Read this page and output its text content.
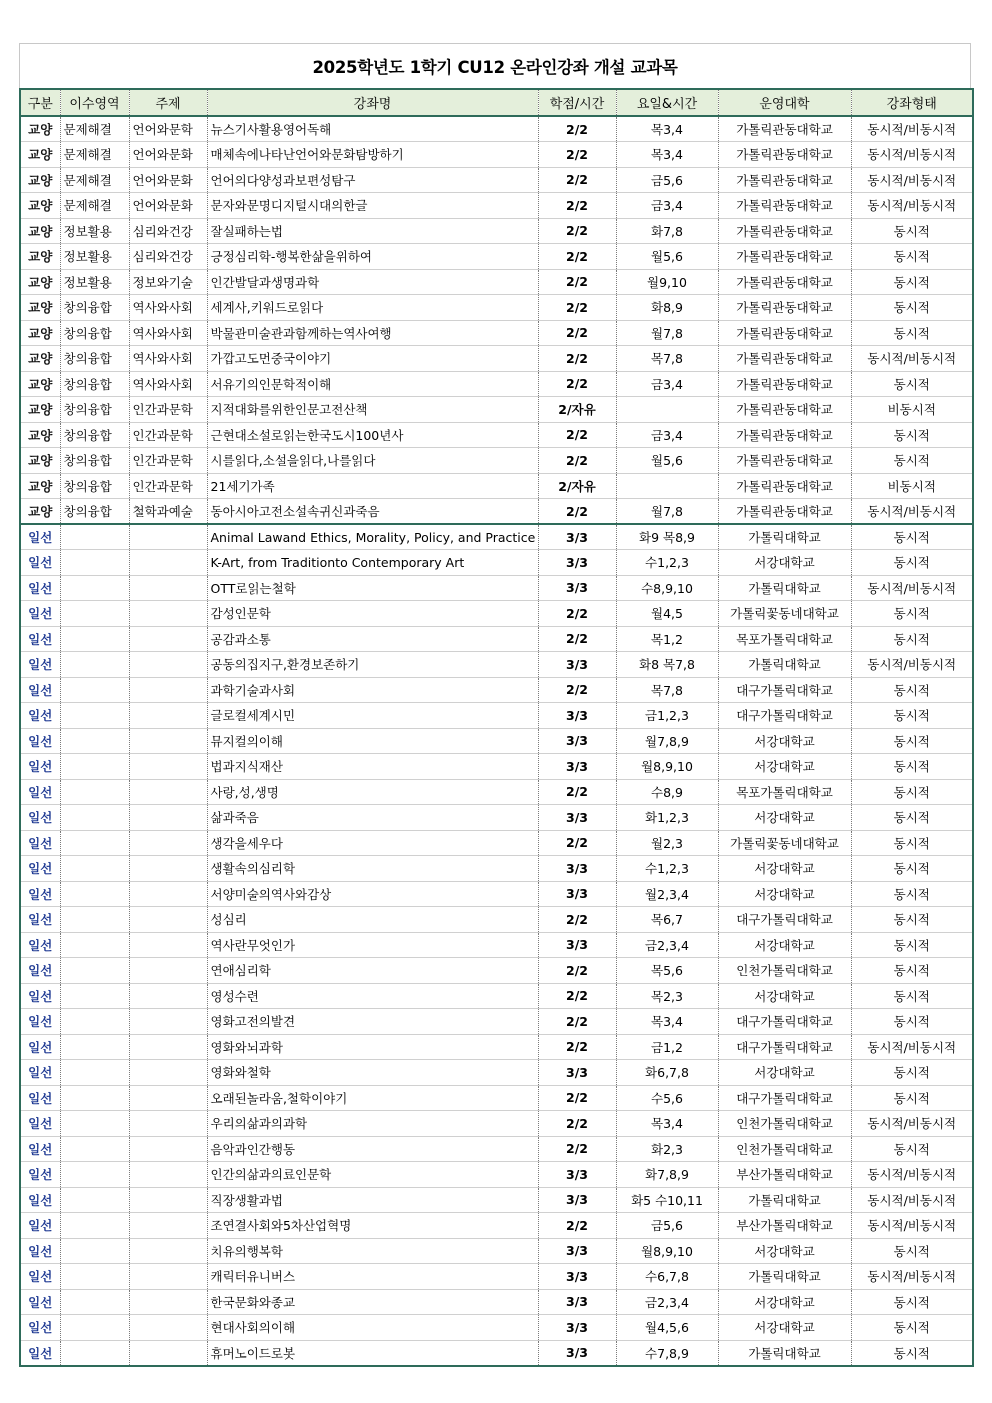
2025학년도 1학기 CU12 온라인강좌 개설 교과목
구분	이수영역	주제	강좌명	학점/시간	요일&시간	운영대학	강좌형태
교양	문제해결	언어와문학	뉴스기사활용영어독해	2/2	목3,4	가톨릭관동대학교	동시적/비동시적
교양	문제해결	언어와문화	매체속에나타난언어와문화탐방하기	2/2	목3,4	가톨릭관동대학교	동시적/비동시적
교양	문제해결	언어와문화	언어의다양성과보편성탐구	2/2	금5,6	가톨릭관동대학교	동시적/비동시적
교양	문제해결	언어와문화	문자와문명디지털시대의한글	2/2	금3,4	가톨릭관동대학교	동시적/비동시적
교양	정보활용	심리와건강	잘실패하는법	2/2	화7,8	가톨릭관동대학교	동시적
교양	정보활용	심리와건강	긍정심리학-행복한삶을위하여	2/2	월5,6	가톨릭관동대학교	동시적
교양	정보활용	정보와기술	인간발달과생명과학	2/2	월9,10	가톨릭관동대학교	동시적
교양	창의융합	역사와사회	세계사,키워드로읽다	2/2	화8,9	가톨릭관동대학교	동시적
교양	창의융합	역사와사회	박물관미술관과함께하는역사여행	2/2	월7,8	가톨릭관동대학교	동시적
교양	창의융합	역사와사회	가깝고도먼중국이야기	2/2	목7,8	가톨릭관동대학교	동시적/비동시적
교양	창의융합	역사와사회	서유기의인문학적이해	2/2	금3,4	가톨릭관동대학교	동시적
교양	창의융합	인간과문학	지적대화를위한인문고전산책	2/자유		가톨릭관동대학교	비동시적
교양	창의융합	인간과문학	근현대소설로읽는한국도시100년사	2/2	금3,4	가톨릭관동대학교	동시적
교양	창의융합	인간과문학	시를읽다,소설을읽다,나를읽다	2/2	월5,6	가톨릭관동대학교	동시적
교양	창의융합	인간과문학	21세기가족	2/자유		가톨릭관동대학교	비동시적
교양	창의융합	철학과예술	동아시아고전소설속귀신과죽음	2/2	월7,8	가톨릭관동대학교	동시적/비동시적
일선			Animal Lawand Ethics, Morality, Policy, and Practice	3/3	화9 목8,9	가톨릭대학교	동시적
일선			K-Art, from Traditionto Contemporary Art	3/3	수1,2,3	서강대학교	동시적
일선			OTT로읽는철학	3/3	수8,9,10	가톨릭대학교	동시적/비동시적
일선			감성인문학	2/2	월4,5	가톨릭꽃동네대학교	동시적
일선			공감과소통	2/2	목1,2	목포가톨릭대학교	동시적
일선			공동의집지구,환경보존하기	3/3	화8 목7,8	가톨릭대학교	동시적/비동시적
일선			과학기술과사회	2/2	목7,8	대구가톨릭대학교	동시적
일선			글로컬세계시민	3/3	금1,2,3	대구가톨릭대학교	동시적
일선			뮤지컬의이해	3/3	월7,8,9	서강대학교	동시적
일선			법과지식재산	3/3	월8,9,10	서강대학교	동시적
일선			사랑,성,생명	2/2	수8,9	목포가톨릭대학교	동시적
일선			삶과죽음	3/3	화1,2,3	서강대학교	동시적
일선			생각을세우다	2/2	월2,3	가톨릭꽃동네대학교	동시적
일선			생활속의심리학	3/3	수1,2,3	서강대학교	동시적
일선			서양미술의역사와감상	3/3	월2,3,4	서강대학교	동시적
일선			성심리	2/2	목6,7	대구가톨릭대학교	동시적
일선			역사란무엇인가	3/3	금2,3,4	서강대학교	동시적
일선			연애심리학	2/2	목5,6	인천가톨릭대학교	동시적
일선			영성수련	2/2	목2,3	서강대학교	동시적
일선			영화고전의발견	2/2	목3,4	대구가톨릭대학교	동시적
일선			영화와뇌과학	2/2	금1,2	대구가톨릭대학교	동시적/비동시적
일선			영화와철학	3/3	화6,7,8	서강대학교	동시적
일선			오래된놀라움,철학이야기	2/2	수5,6	대구가톨릭대학교	동시적
일선			우리의삶과의과학	2/2	목3,4	인천가톨릭대학교	동시적/비동시적
일선			음악과인간행동	2/2	화2,3	인천가톨릭대학교	동시적
일선			인간의삶과의료인문학	3/3	화7,8,9	부산가톨릭대학교	동시적/비동시적
일선			직장생활과법	3/3	화5 수10,11	가톨릭대학교	동시적/비동시적
일선			조연결사회와5차산업혁명	2/2	금5,6	부산가톨릭대학교	동시적/비동시적
일선			치유의행복학	3/3	월8,9,10	서강대학교	동시적
일선			캐릭터유니버스	3/3	수6,7,8	가톨릭대학교	동시적/비동시적
일선			한국문화와종교	3/3	금2,3,4	서강대학교	동시적
일선			현대사회의이해	3/3	월4,5,6	서강대학교	동시적
일선			휴머노이드로봇	3/3	수7,8,9	가톨릭대학교	동시적
